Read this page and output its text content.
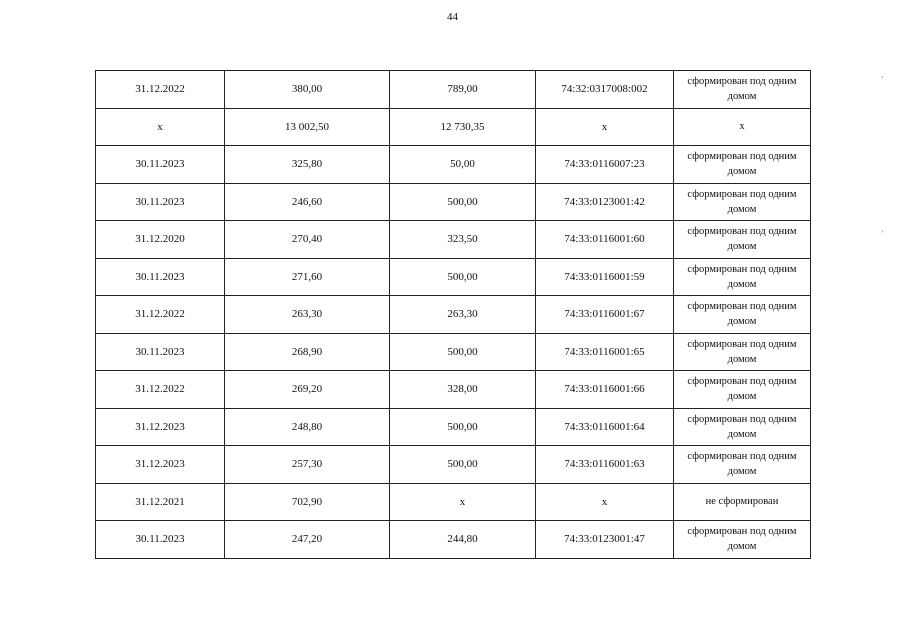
44
,
'
31.12.2022	380,00	789,00	74:32:0317008:002	сформирован под одним домом
x	13 002,50	12 730,35	x	x
30.11.2023	325,80	50,00	74:33:0116007:23	сформирован под одним домом
30.11.2023	246,60	500,00	74:33:0123001:42	сформирован под одним домом
31.12.2020	270,40	323,50	74:33:0116001:60	сформирован под одним домом
30.11.2023	271,60	500,00	74:33:0116001:59	сформирован под одним домом
31.12.2022	263,30	263,30	74:33:0116001:67	сформирован под одним домом
30.11.2023	268,90	500,00	74:33:0116001:65	сформирован под одним домом
31.12.2022	269,20	328,00	74:33:0116001:66	сформирован под одним домом
31.12.2023	248,80	500,00	74:33:0116001:64	сформирован под одним домом
31.12.2023	257,30	500,00	74:33:0116001:63	сформирован под одним домом
31.12.2021	702,90	x	x	не сформирован
30.11.2023	247,20	244,80	74:33:0123001:47	сформирован под одним домом
